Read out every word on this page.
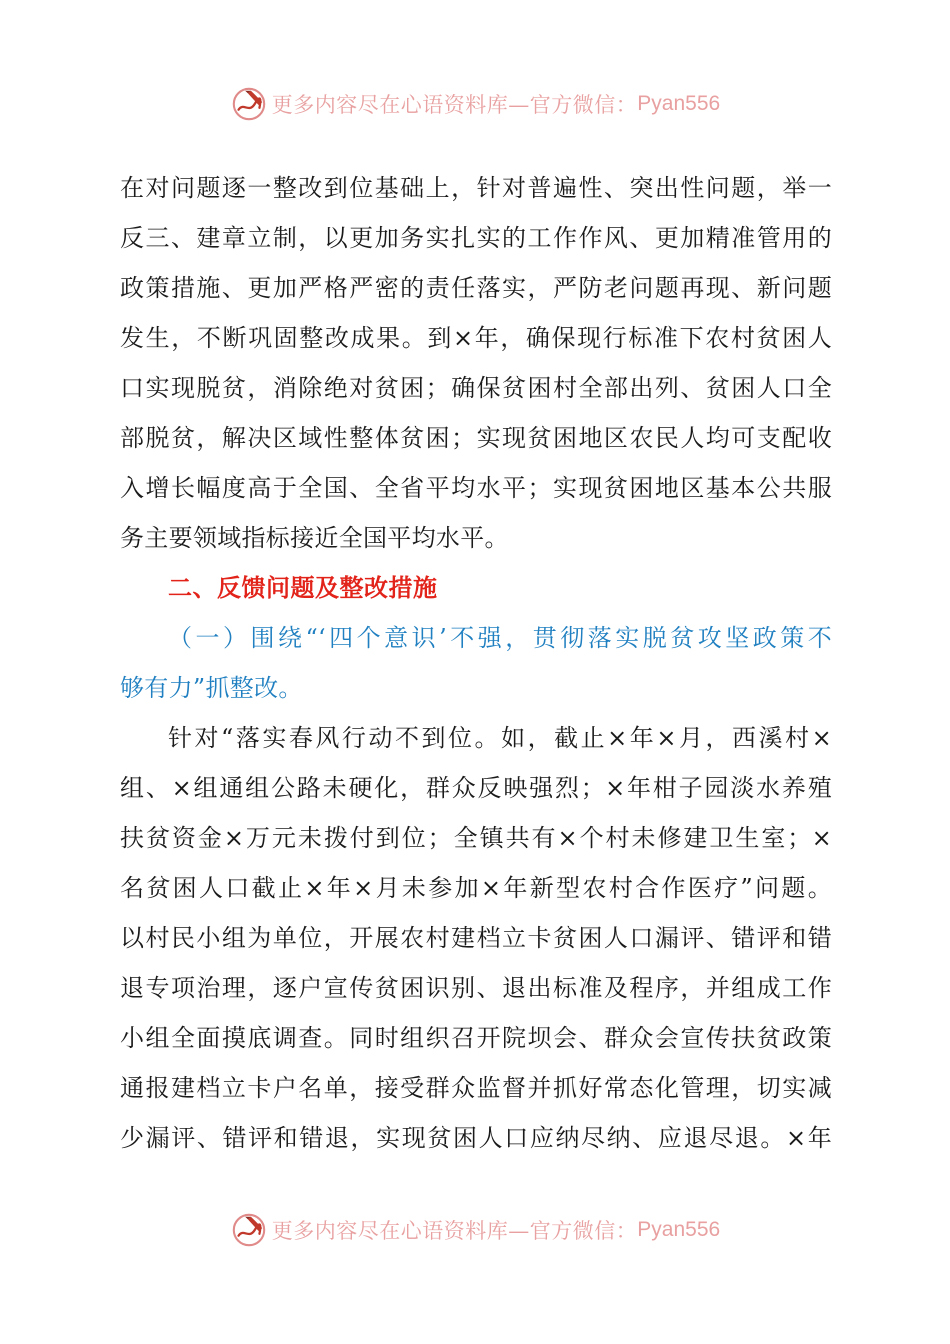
更多内容尽在心语资料库—官方微信： Pyan556
在对问题逐一整改到位基础上，针对普遍性、突出性问题，举一
反三、建章立制，以更加务实扎实的工作作风、更加精准管用的
政策措施、更加严格严密的责任落实，严防老问题再现、新问题
发生，不断巩固整改成果。到×年，确保现行标准下农村贫困人
口实现脱贫，消除绝对贫困；确保贫困村全部出列、贫困人口全
部脱贫，解决区域性整体贫困；实现贫困地区农民人均可支配收
入增长幅度高于全国、全省平均水平；实现贫困地区基本公共服
务主要领域指标接近全国平均水平。
二、反馈问题及整改措施
（一）围绕“‘四个意识’不强，贯彻落实脱贫攻坚政策不
够有力”抓整改。
针对“落实春风行动不到位。如，截止×年×月，西溪村×
组、×组通组公路未硬化，群众反映强烈；×年柑子园淡水养殖
扶贫资金×万元未拨付到位；全镇共有×个村未修建卫生室；×
名贫困人口截止×年×月未参加×年新型农村合作医疗”问题。
以村民小组为单位，开展农村建档立卡贫困人口漏评、错评和错
退专项治理，逐户宣传贫困识别、退出标准及程序，并组成工作
小组全面摸底调查。同时组织召开院坝会、群众会宣传扶贫政策
通报建档立卡户名单，接受群众监督并抓好常态化管理，切实减
少漏评、错评和错退，实现贫困人口应纳尽纳、应退尽退。×年
更多内容尽在心语资料库—官方微信： Pyan556
